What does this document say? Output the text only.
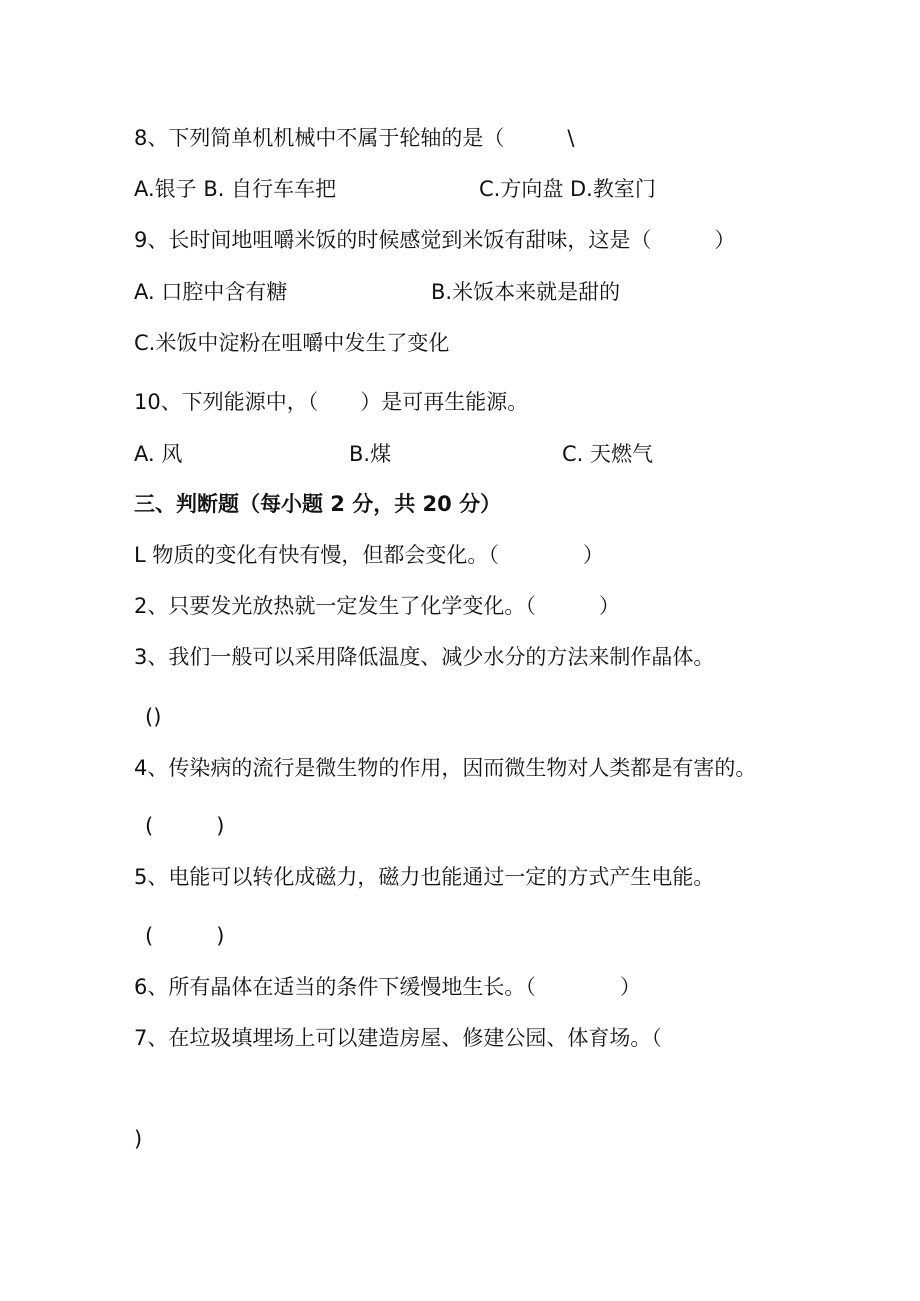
8、下列简单机机械中不属于轮轴的是（　　　\
A.银子 B. 自行车车把	C.方向盘 D.教室门
9、长时间地咀嚼米饭的时候感觉到米饭有甜味，这是（　　　）
A. 口腔中含有糖	B.米饭本来就是甜的
C.米饭中淀粉在咀嚼中发生了变化
10、下列能源中，（　　）是可再生能源。
A. 风	B.煤	C. 天燃气
三、判断题（每小题 2 分，共 20 分）
L 物质的变化有快有慢，但都会变化。（　　　　）
2、只要发光放热就一定发生了化学变化。（　　　）
3、我们一般可以采用降低温度、减少水分的方法来制作晶体。
()
4、传染病的流行是微生物的作用，因而微生物对人类都是有害的。
(　　　)
5、电能可以转化成磁力，磁力也能通过一定的方式产生电能。
(　　　)
6、所有晶体在适当的条件下缓慢地生长。（　　　　）
7、在垃圾填埋场上可以建造房屋、修建公园、体育场。（
)
